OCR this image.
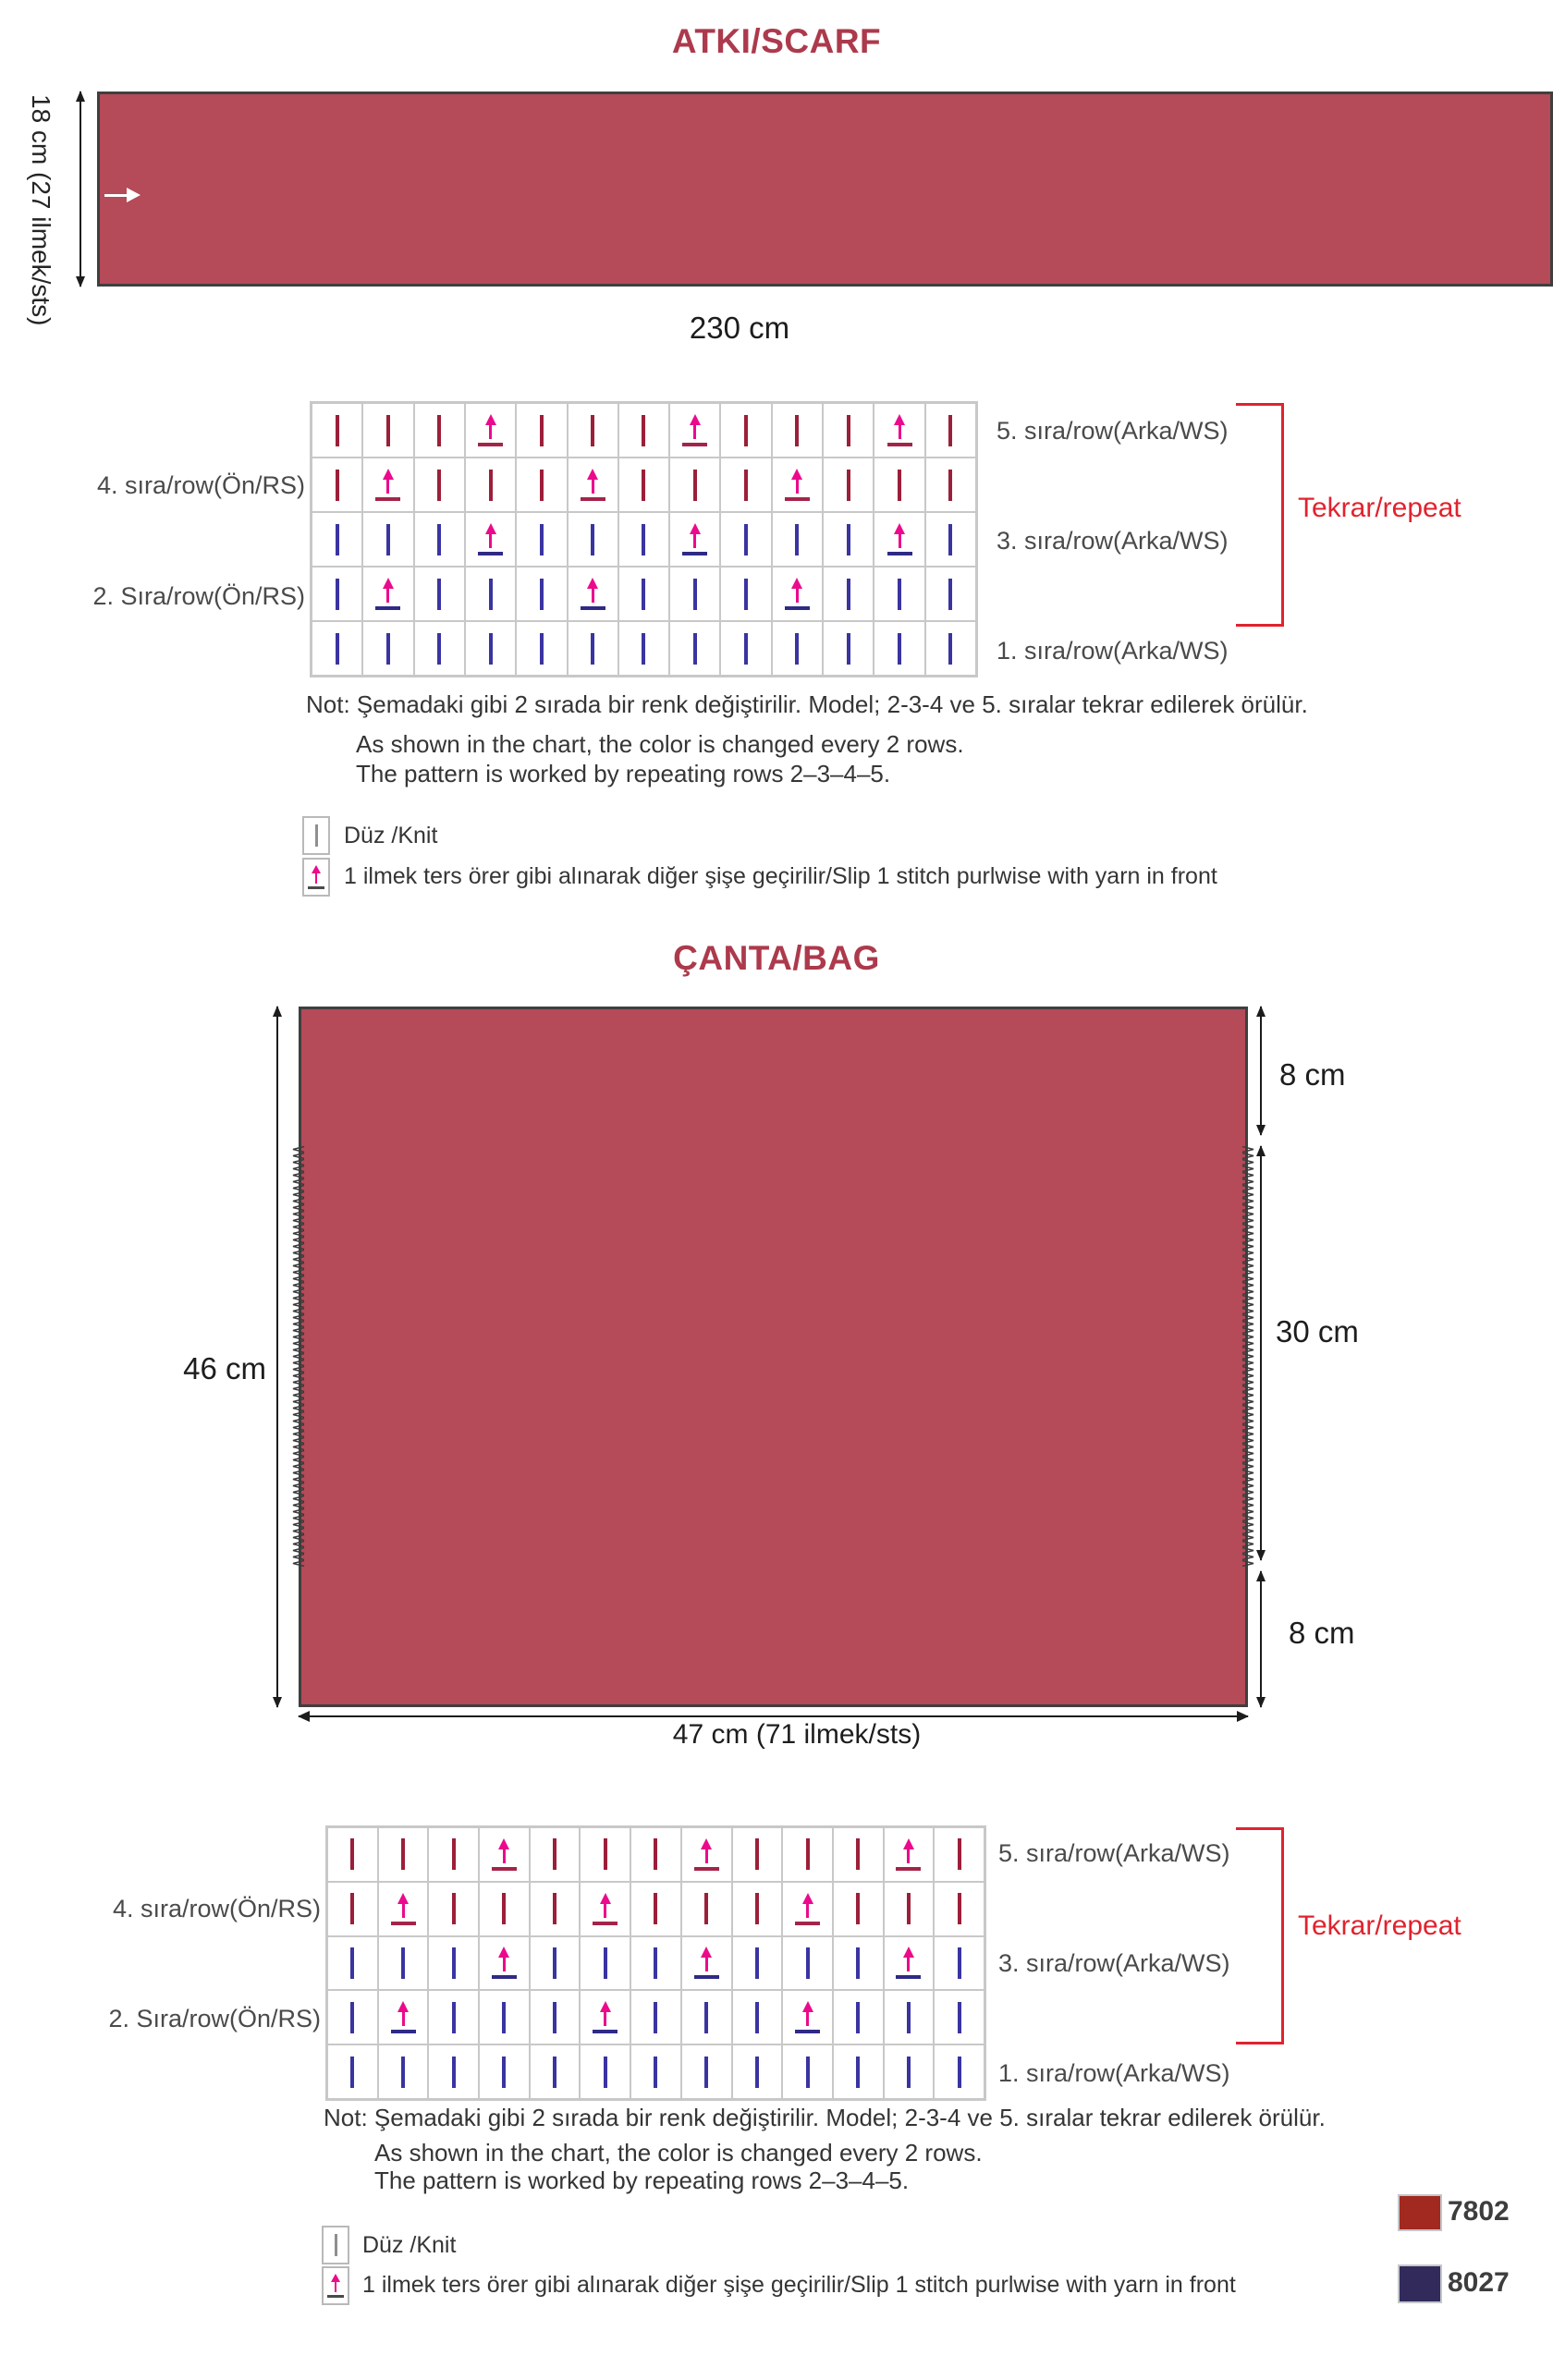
ATKI/SCARF
18 cm (27 ilmek/sts)
230 cm
4. sıra/row(Ön/RS)
2. Sıra/row(Ön/RS)
5. sıra/row(Arka/WS)
3. sıra/row(Arka/WS)
1. sıra/row(Arka/WS)
Tekrar/repeat
Not: Şemadaki gibi 2 sırada bir renk değiştirilir. Model; 2-3-4 ve 5. sıralar tekrar edilerek örülür.
As shown in the chart, the color is changed every 2 rows.
The pattern is worked by repeating rows 2–3–4–5.
Düz /Knit
1 ilmek ters örer gibi alınarak diğer şişe geçirilir/Slip 1 stitch purlwise with yarn in front
ÇANTA/BAG
46 cm
8 cm
30 cm
8 cm
47 cm (71 ilmek/sts)
4. sıra/row(Ön/RS)
2. Sıra/row(Ön/RS)
5. sıra/row(Arka/WS)
3. sıra/row(Arka/WS)
1. sıra/row(Arka/WS)
Tekrar/repeat
Not: Şemadaki gibi 2 sırada bir renk değiştirilir. Model; 2-3-4 ve 5. sıralar tekrar edilerek örülür.
As shown in the chart, the color is changed every 2 rows.
The pattern is worked by repeating rows 2–3–4–5.
Düz /Knit
1 ilmek ters örer gibi alınarak diğer şişe geçirilir/Slip 1 stitch purlwise with yarn in front
7802
8027
